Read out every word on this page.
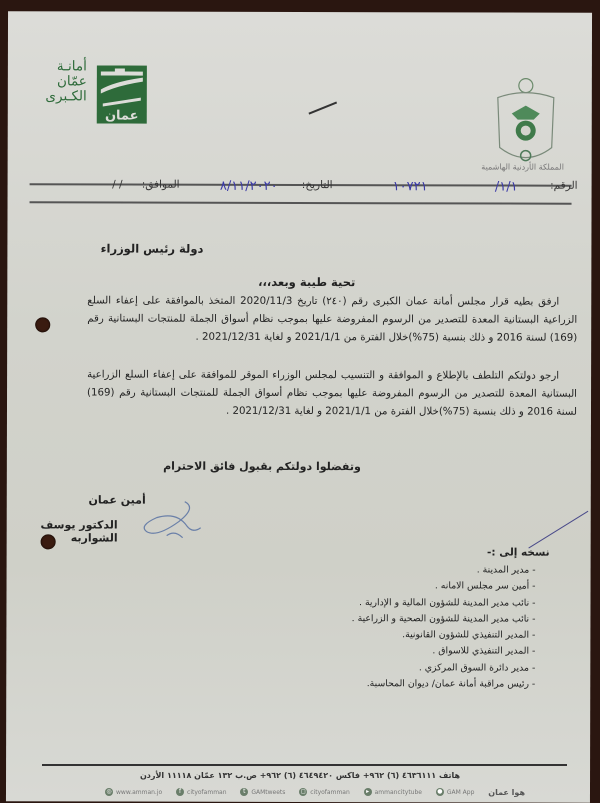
أمانـة
عمّان
الكـبرى
عمان
المملكة الأردنية الهاشمية
الرقم:
١/١/
١٠٧٢١
التاريخ:
٨/١١/٢٠٢٠
الموافق:
/ /
دولة رئيس الوزراء
تحية طيبة وبعد،،،
ارفق بطيه قرار مجلس أمانة عمان الكبرى رقم (٢٤٠) تاريخ 2020/11/3 المتخذ بالموافقة على إعفاء السلع الزراعية البستانية المعدة للتصدير من الرسوم المفروضة عليها بموجب نظام أسواق الجملة للمنتجات البستانية رقم (169) لسنة 2016 و ذلك بنسبة (75%)خلال الفترة من 2021/1/1 و لغاية 2021/12/31 .
ارجو دولتكم التلطف بالإطلاع و الموافقة و التنسيب لمجلس الوزراء الموقر للموافقة على إعفاء السلع الزراعية البستانية المعدة للتصدير من الرسوم المفروضة عليها بموجب نظام أسواق الجملة للمنتجات البستانية رقم (169) لسنة 2016 و ذلك بنسبة (75%)خلال الفترة من 2021/1/1 و لغاية 2021/12/31 .
وتفضلوا دولتكم بقبول فائق الاحترام
أمين عمان
الدكتور يوسف الشواربه
نسخه إلى :-
- مدير المدينة .
- أمين سر مجلس الامانه .
- نائب مدير المدينة للشؤون المالية و الإدارية .
- نائب مدير المدينة للشؤون الصحية و الزراعية .
- المدير التنفيذي للشؤون القانونية.
- المدير التنفيذي للاسواق .
- مدير دائرة السوق المركزي .
- رئيس مراقبة أمانة عمان/ ديوان المحاسبة.
هاتف ٤٦٣٦١١١ (٦) ٩٦٢+ فاكس ٤٦٤٩٤٢٠ (٦) ٩٦٢+ ص.ب ١٣٢ عمّان ١١١١٨ الأردن
◎ www.amman.jo	f cityofamman	t GAMtweets	◻ cityofamman	▸ ammancitytube	● GAM App هوا عمان
